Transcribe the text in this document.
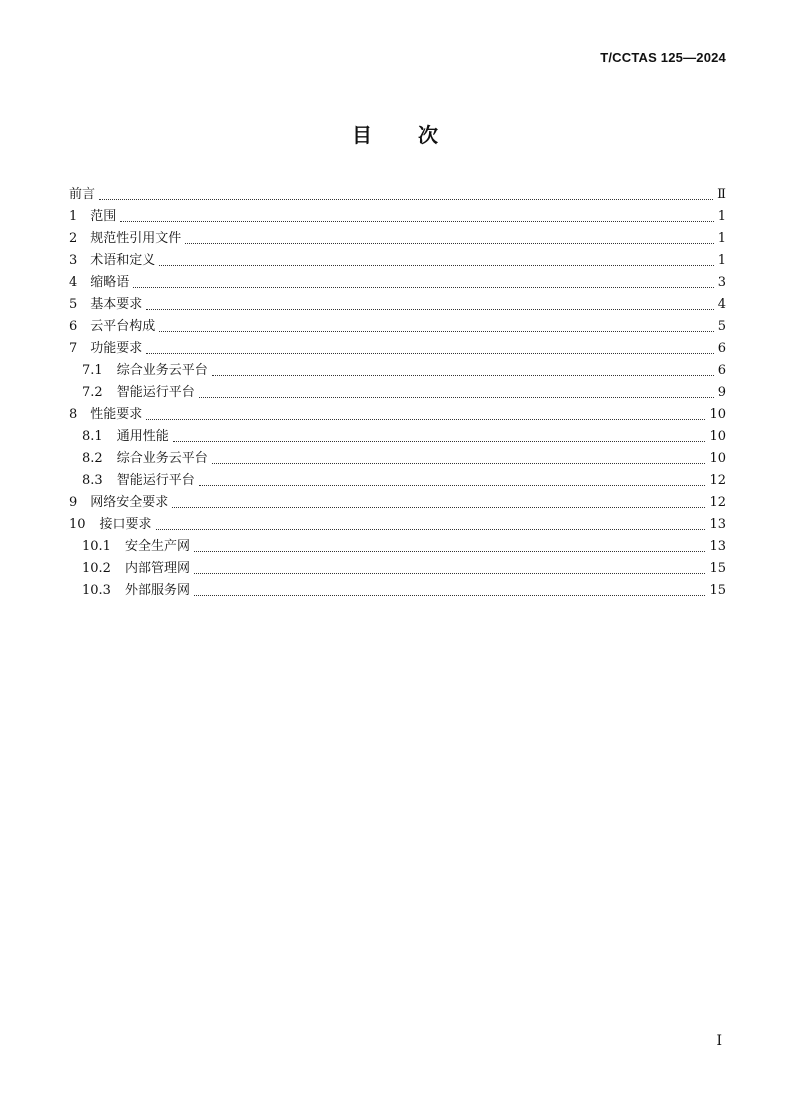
T/CCTAS 125—2024
目 次
前言	Ⅱ
1 范围	1
2 规范性引用文件	1
3 术语和定义	1
4 缩略语	3
5 基本要求	4
6 云平台构成	5
7 功能要求	6
7.1 综合业务云平台	6
7.2 智能运行平台	9
8 性能要求	10
8.1 通用性能	10
8.2 综合业务云平台	10
8.3 智能运行平台	12
9 网络安全要求	12
10 接口要求	13
10.1 安全生产网	13
10.2 内部管理网	15
10.3 外部服务网	15
Ⅰ
